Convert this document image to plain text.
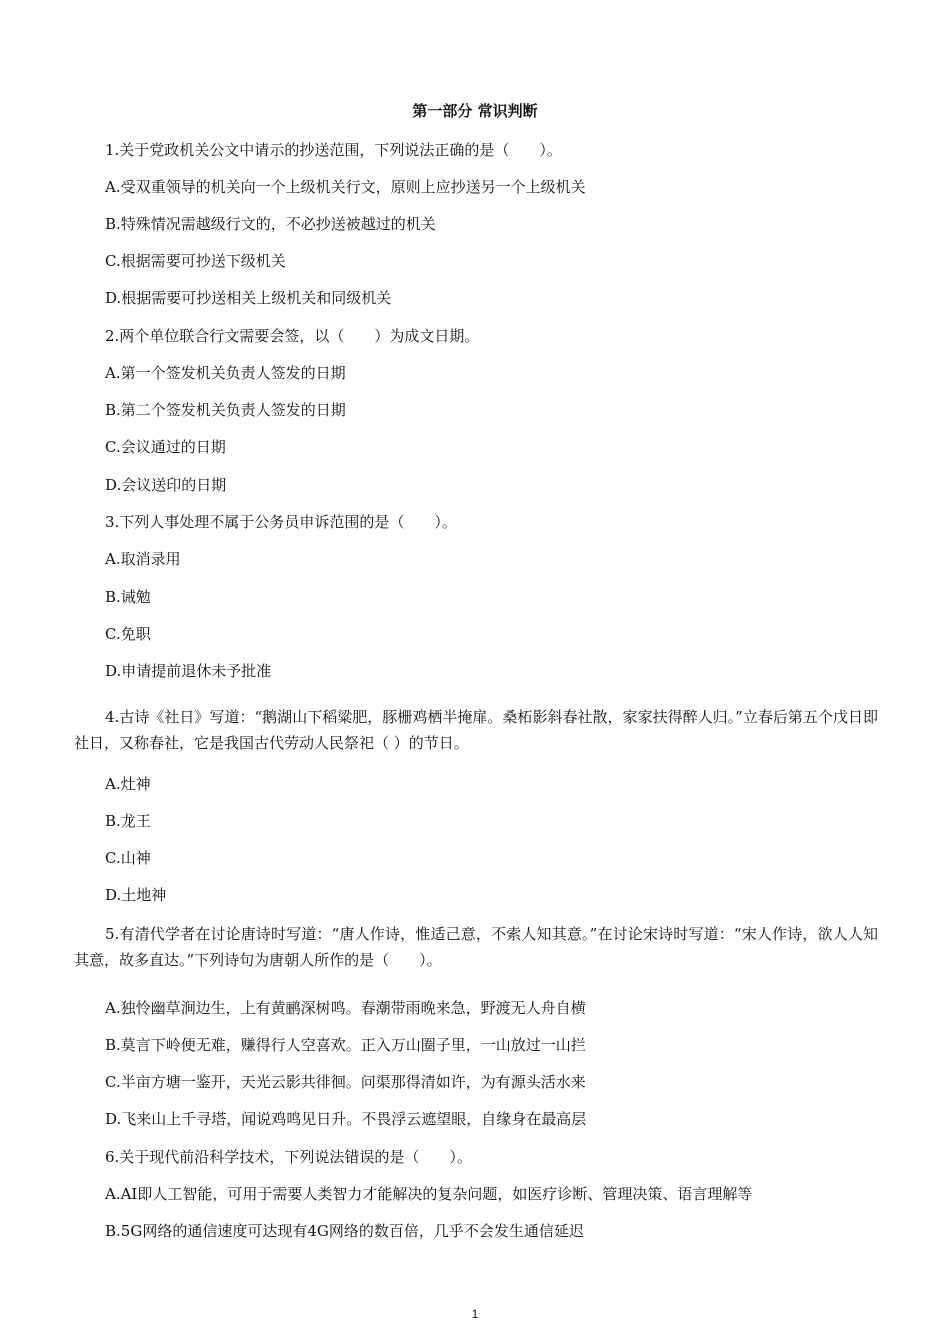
第一部分 常识判断
1.关于党政机关公文中请示的抄送范围，下列说法正确的是（　　）。
A.受双重领导的机关向一个上级机关行文，原则上应抄送另一个上级机关
B.特殊情况需越级行文的，不必抄送被越过的机关
C.根据需要可抄送下级机关
D.根据需要可抄送相关上级机关和同级机关
2.两个单位联合行文需要会签，以（　　）为成文日期。
A.第一个签发机关负责人签发的日期
B.第二个签发机关负责人签发的日期
C.会议通过的日期
D.会议送印的日期
3.下列人事处理不属于公务员申诉范围的是（　　）。
A.取消录用
B.诫勉
C.免职
D.申请提前退休未予批准
4.古诗《社日》写道：“鹅湖山下稻粱肥，豚栅鸡栖半掩扉。桑柘影斜春社散，家家扶得醉人归。”立春后第五个戊日即社日，又称春社，它是我国古代劳动人民祭祀（ ）的节日。
A.灶神
B.龙王
C.山神
D.土地神
5.有清代学者在讨论唐诗时写道：“唐人作诗，惟适己意，不索人知其意。”在讨论宋诗时写道：“宋人作诗，欲人人知其意，故多直达。”下列诗句为唐朝人所作的是（　　）。
A.独怜幽草涧边生，上有黄鹂深树鸣。春潮带雨晚来急，野渡无人舟自横
B.莫言下岭便无难，赚得行人空喜欢。正入万山圈子里，一山放过一山拦
C.半亩方塘一鉴开，天光云影共徘徊。问渠那得清如许，为有源头活水来
D.飞来山上千寻塔，闻说鸡鸣见日升。不畏浮云遮望眼，自缘身在最高层
6.关于现代前沿科学技术，下列说法错误的是（　　）。
A.AI即人工智能，可用于需要人类智力才能解决的复杂问题，如医疗诊断、管理决策、语言理解等
B.5G网络的通信速度可达现有4G网络的数百倍，几乎不会发生通信延迟
1
